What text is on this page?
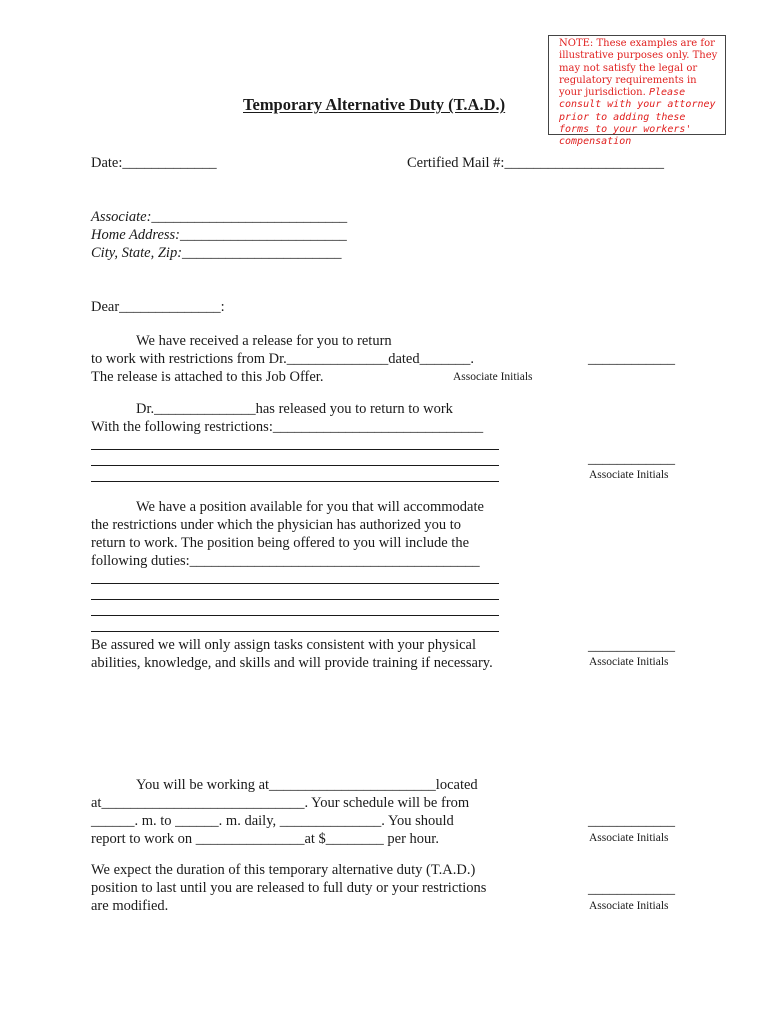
NOTE: These examples are for illustrative purposes only. They may not satisfy the legal or regulatory requirements in your jurisdiction. Please consult with your attorney prior to adding these forms to your workers' compensation
Temporary Alternative Duty (T.A.D.)
Date:_____________	Certified Mail #:______________________
Associate:___________________________
Home Address:_______________________
City, State, Zip:______________________
Dear______________:
We have received a release for you to return
to work with restrictions from Dr.______________dated_______.
The release is attached to this Job Offer.	Associate Initials
____________
Dr.______________has released you to return to work
With the following restrictions:_____________________________
____________
Associate Initials
We have a position available for you that will accommodate
the restrictions under which the physician has authorized you to
return to work. The position being offered to you will include the
following duties:________________________________________
Be assured we will only assign tasks consistent with your physical
abilities, knowledge, and skills and will provide training if necessary.
____________
Associate Initials
You will be working at_______________________located
at____________________________. Your schedule will be from
______. m. to ______. m. daily, ______________. You should
report to work on _______________at $________ per hour.
____________
Associate Initials
We expect the duration of this temporary alternative duty (T.A.D.)
position to last until you are released to full duty or your restrictions
are modified.
____________
Associate Initials
